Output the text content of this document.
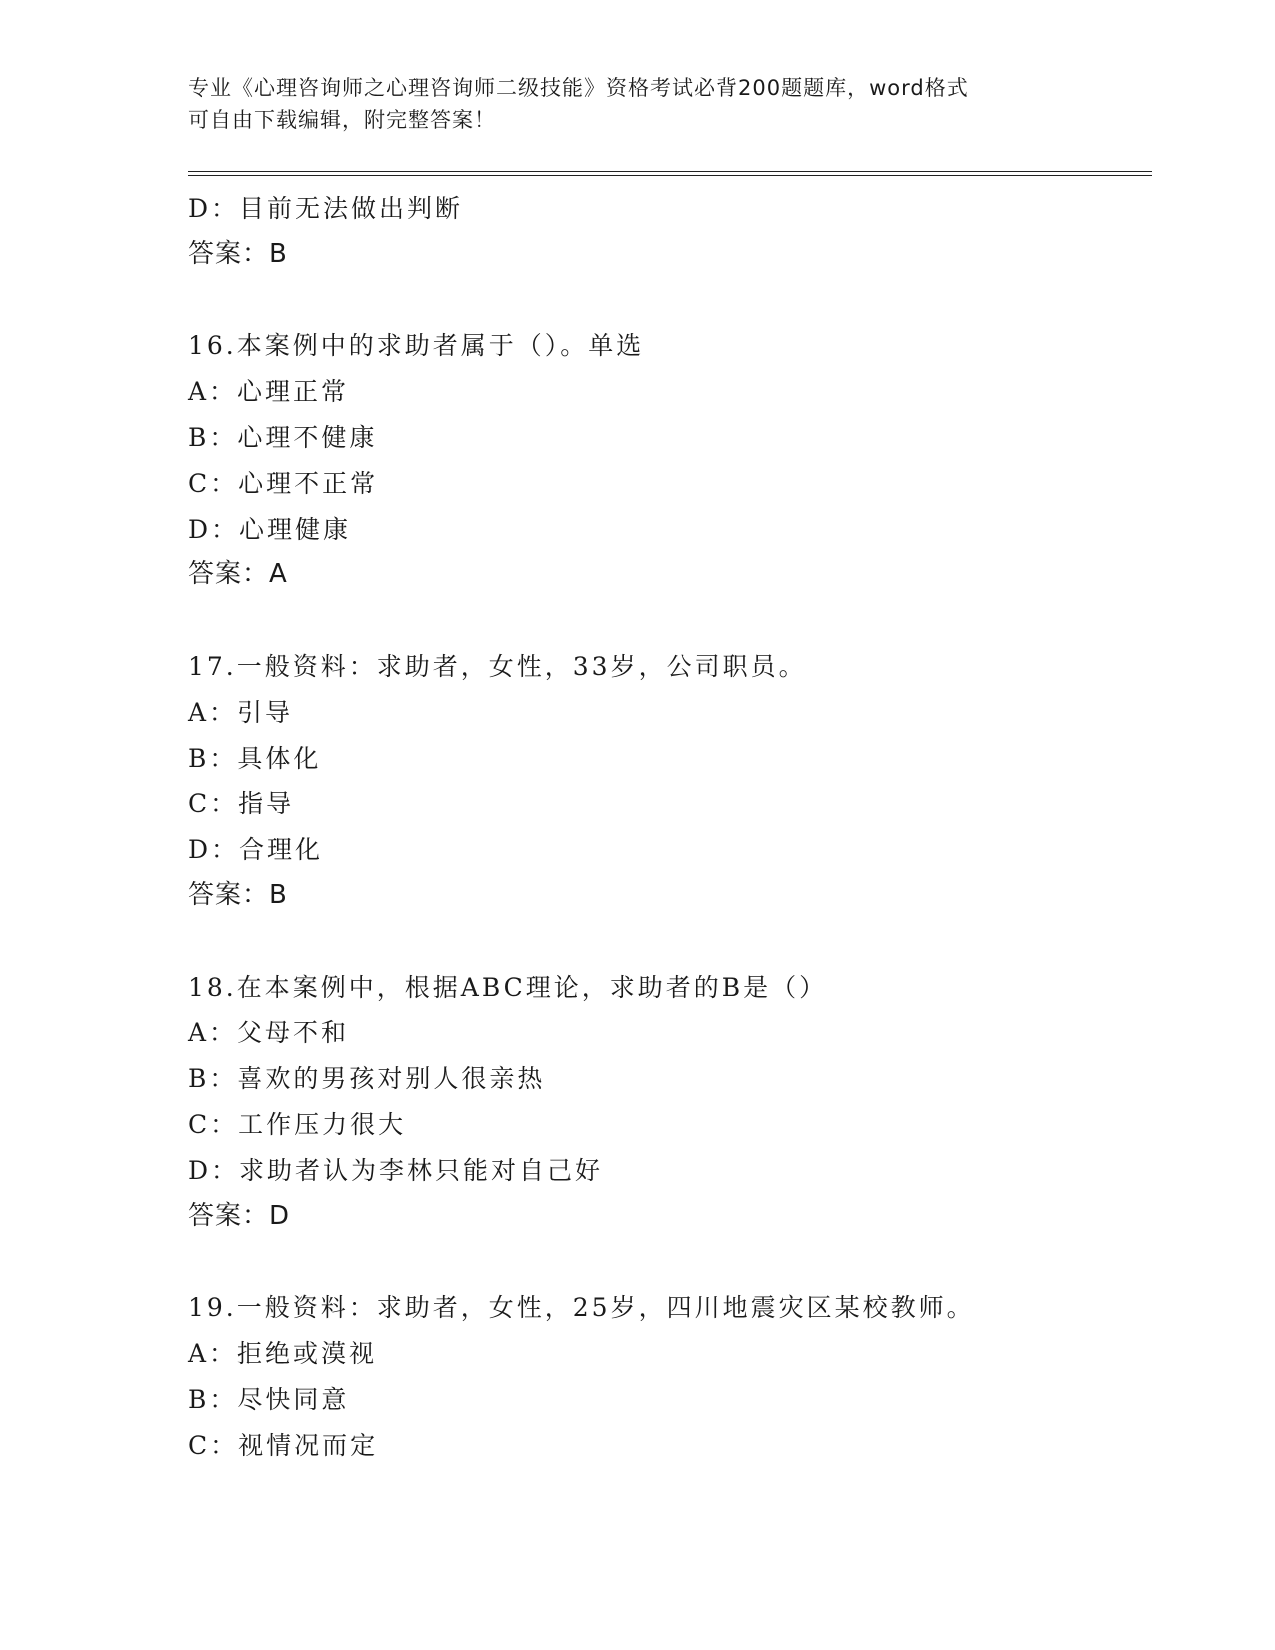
专业《心理咨询师之心理咨询师二级技能》资格考试必背200题题库，word格式
可自由下载编辑，附完整答案！
D：目前无法做出判断
答案：B
16.本案例中的求助者属于（）。单选
A：心理正常
B：心理不健康
C：心理不正常
D：心理健康
答案：A
17.一般资料：求助者，女性，33岁，公司职员。
A：引导
B：具体化
C：指导
D：合理化
答案：B
18.在本案例中，根据ABC理论，求助者的B是（）
A：父母不和
B：喜欢的男孩对别人很亲热
C：工作压力很大
D：求助者认为李林只能对自己好
答案：D
19.一般资料：求助者，女性，25岁，四川地震灾区某校教师。
A：拒绝或漠视
B：尽快同意
C：视情况而定
